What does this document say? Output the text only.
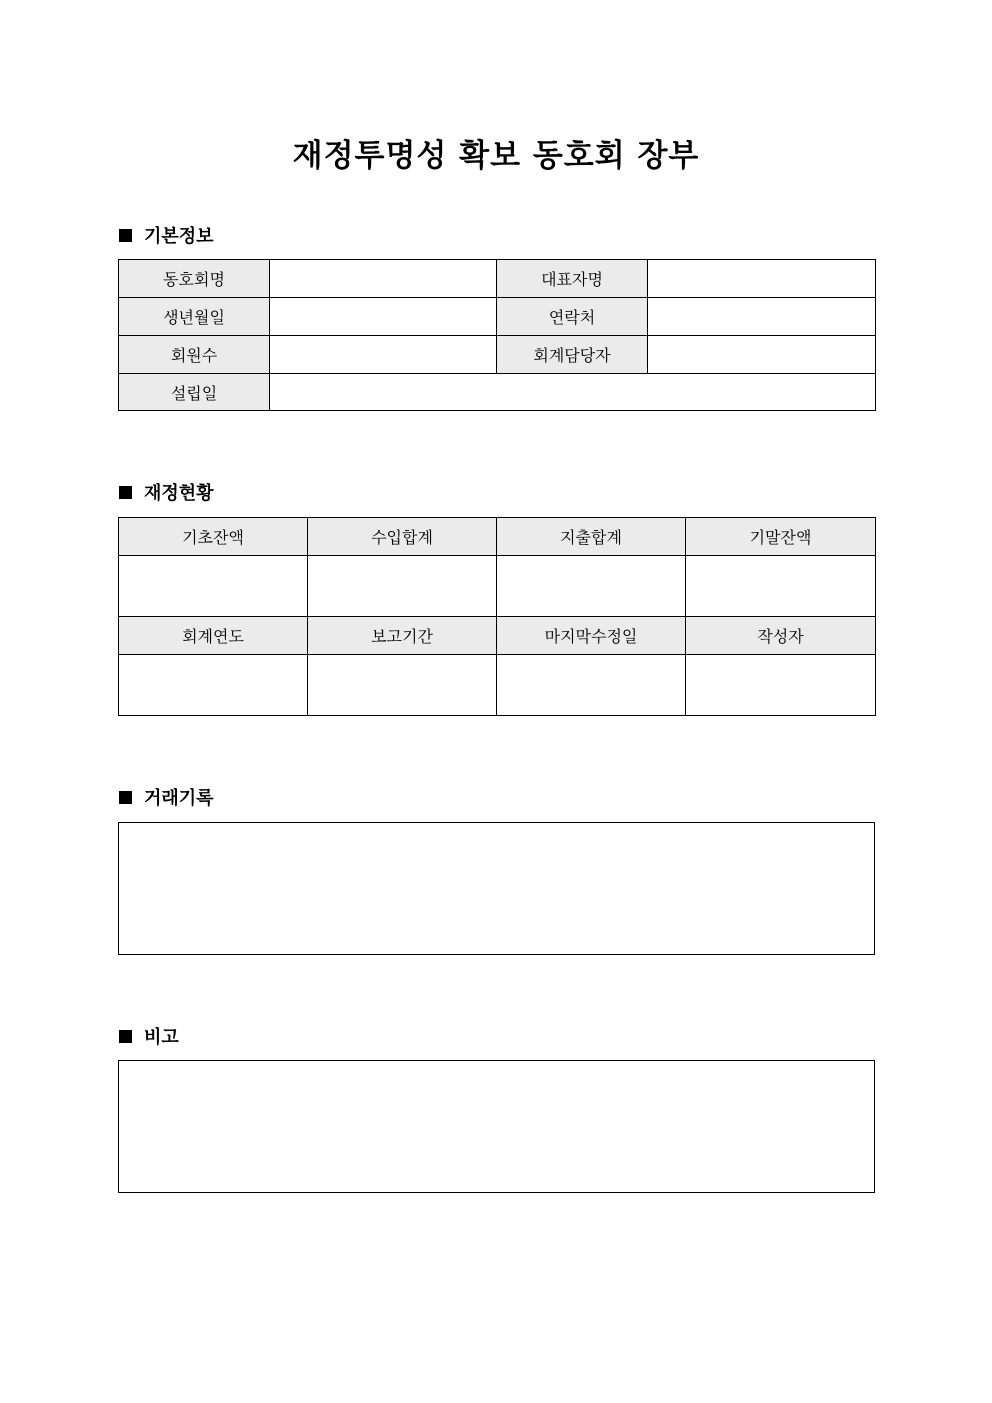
재정투명성 확보 동호회 장부
기본정보
동호회명		대표자명	
생년월일		연락처	
회원수		회계담당자	
설립일			
재정현황
기초잔액	수입합계	지출합계	기말잔액

회계연도	보고기간	마지막수정일	작성자

거래기록
비고
